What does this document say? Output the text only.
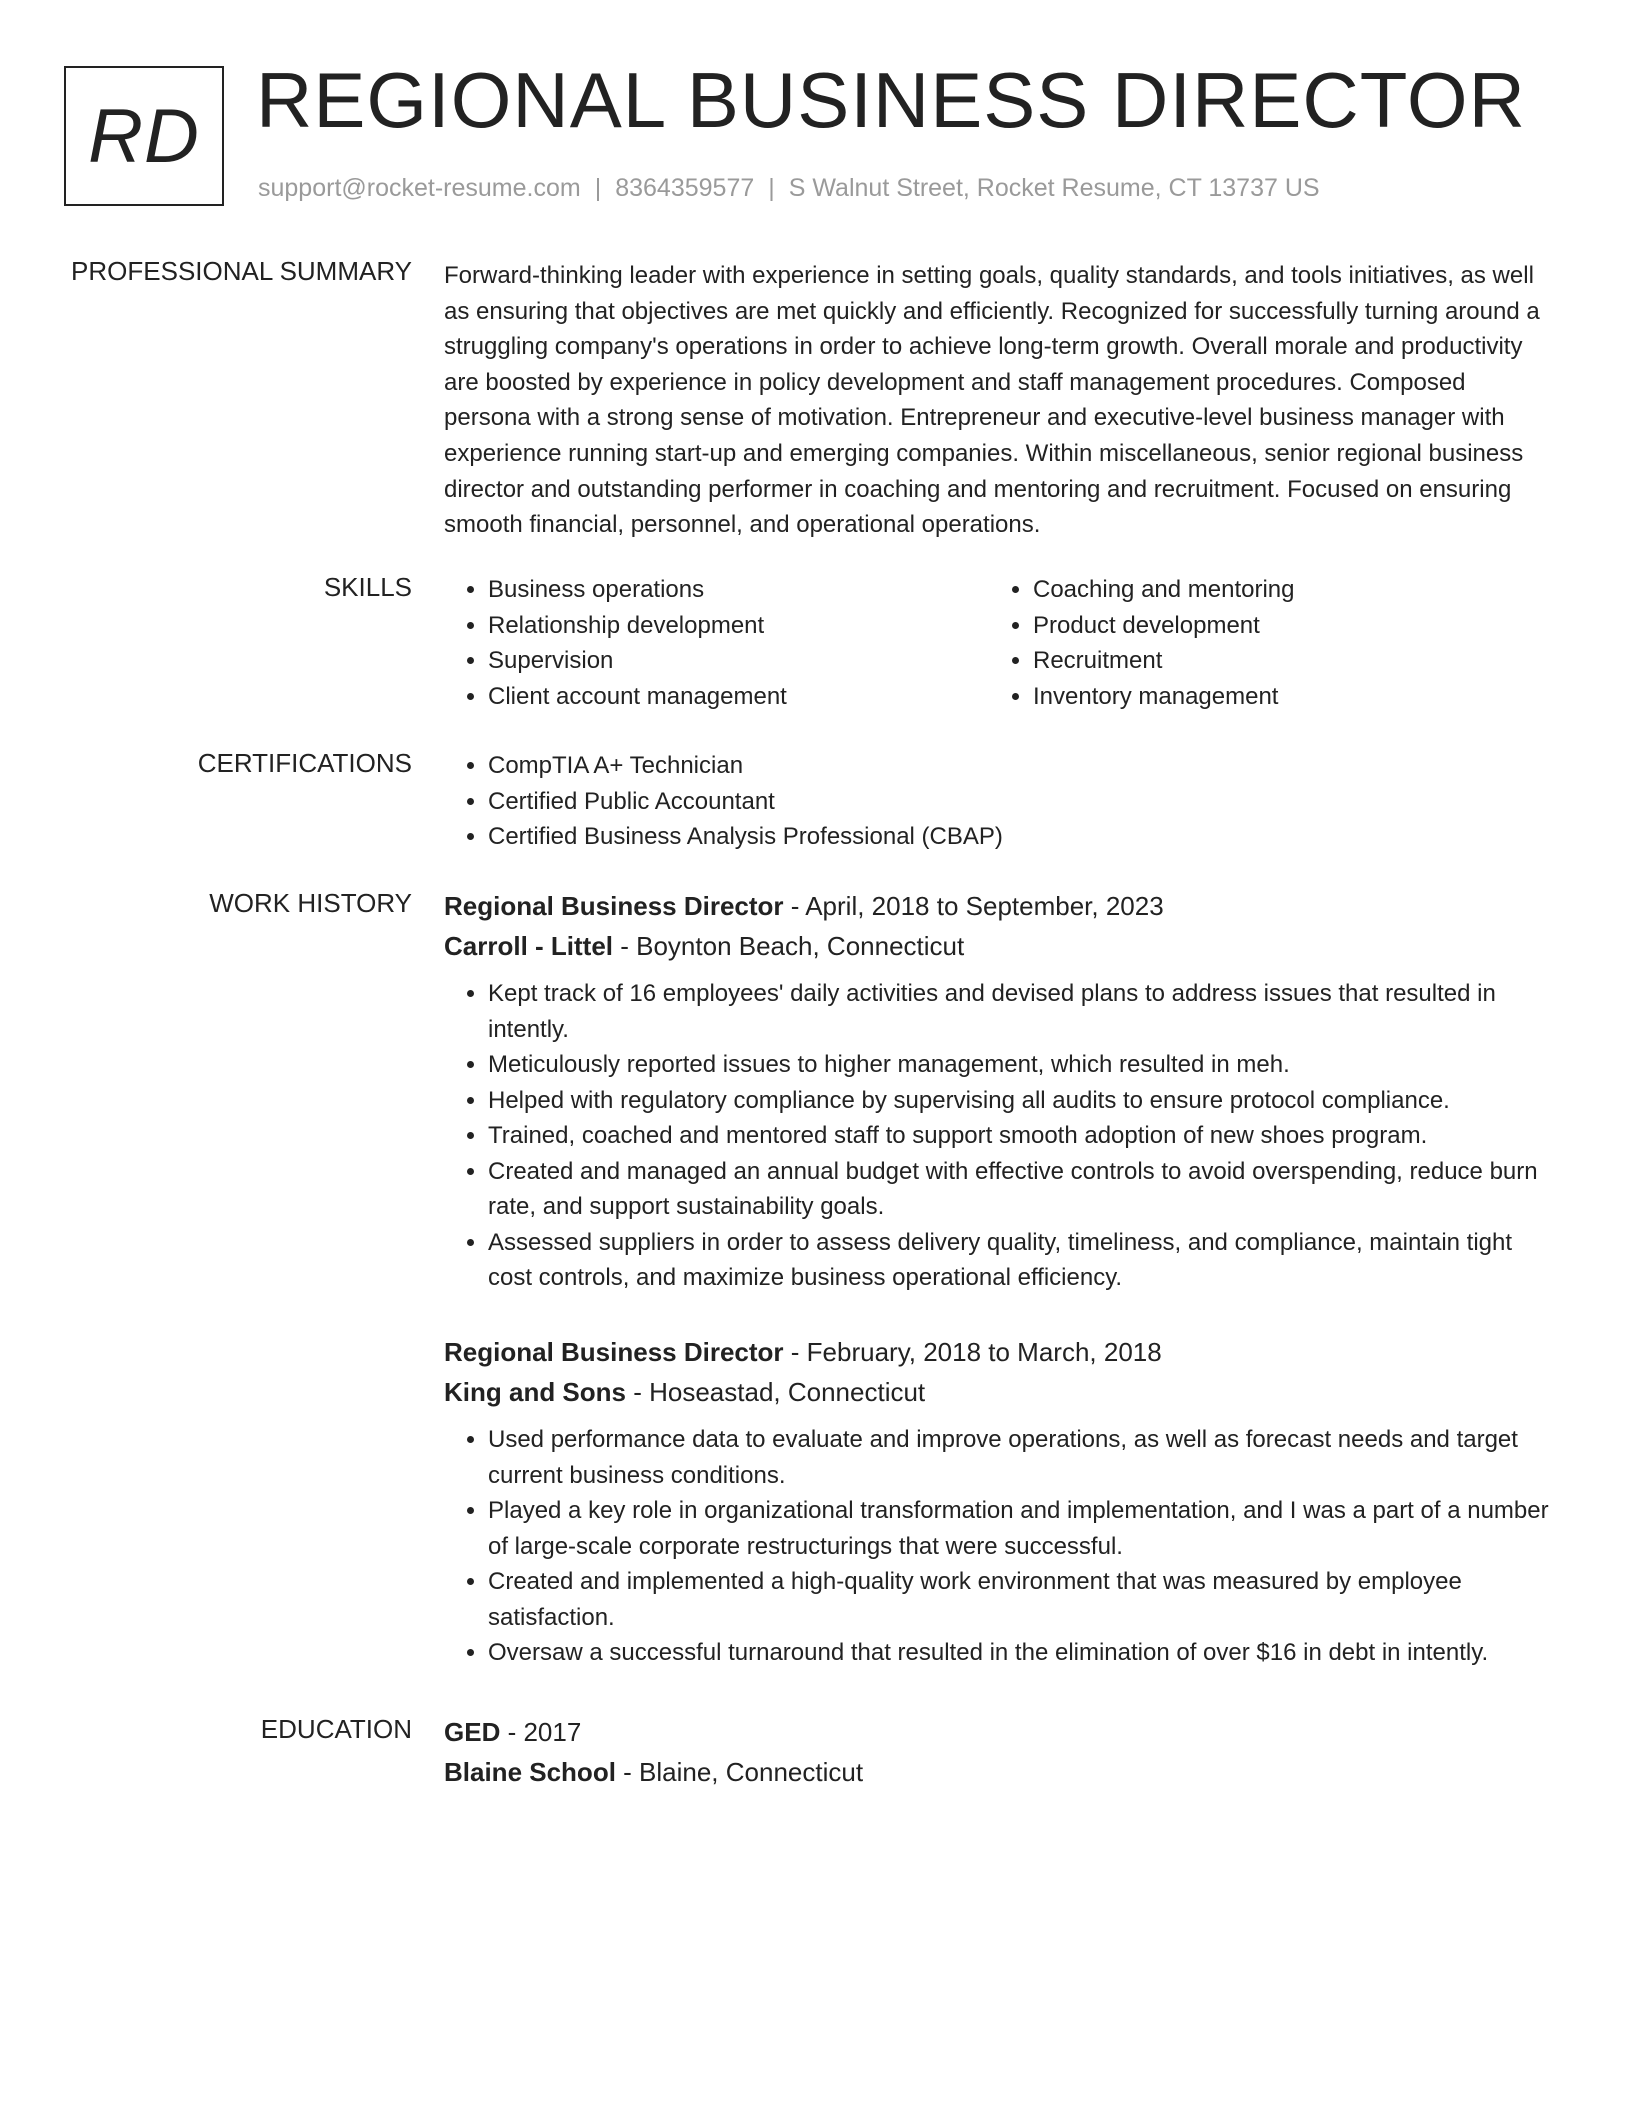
RD REGIONAL BUSINESS DIRECTOR
support@rocket-resume.com | 8364359577 | S Walnut Street, Rocket Resume, CT 13737 US
PROFESSIONAL SUMMARY Forward-thinking leader with experience in setting goals, quality standards, and tools initiatives, as well as ensuring that objectives are met quickly and efficiently. Recognized for successfully turning around a struggling company's operations in order to achieve long-term growth. Overall morale and productivity are boosted by experience in policy development and staff management procedures. Composed persona with a strong sense of motivation. Entrepreneur and executive-level business manager with experience running start-up and emerging companies. Within miscellaneous, senior regional business director and outstanding performer in coaching and mentoring and recruitment. Focused on ensuring smooth financial, personnel, and operational operations.

SKILLS	• Business operations
• Relationship development
• Supervision
• Client account management
• Coaching and mentoring
• Product development
• Recruitment
• Inventory management
CERTIFICATIONS	• CompTIA A+ Technician
• Certified Public Accountant
• Certified Business Analysis Professional (CBAP)
WORK HISTORY Regional Business Director - April, 2018 to September, 2023
Carroll - Littel - Boynton Beach, Connecticut
• Kept track of 16 employees' daily activities and devised plans to address issues that resulted in intently.
• Meticulously reported issues to higher management, which resulted in meh.
• Helped with regulatory compliance by supervising all audits to ensure protocol compliance.
• Trained, coached and mentored staff to support smooth adoption of new shoes program.
• Created and managed an annual budget with effective controls to avoid overspending, reduce burn rate, and support sustainability goals.
• Assessed suppliers in order to assess delivery quality, timeliness, and compliance, maintain tight cost controls, and maximize business operational efficiency.
Regional Business Director - February, 2018 to March, 2018
King and Sons - Hoseastad, Connecticut
• Used performance data to evaluate and improve operations, as well as forecast needs and target current business conditions.
• Played a key role in organizational transformation and implementation, and I was a part of a number of large-scale corporate restructurings that were successful.
• Created and implemented a high-quality work environment that was measured by employee satisfaction.
• Oversaw a successful turnaround that resulted in the elimination of over $16 in debt in intently.
EDUCATION GED - 2017
Blaine School - Blaine, Connecticut
